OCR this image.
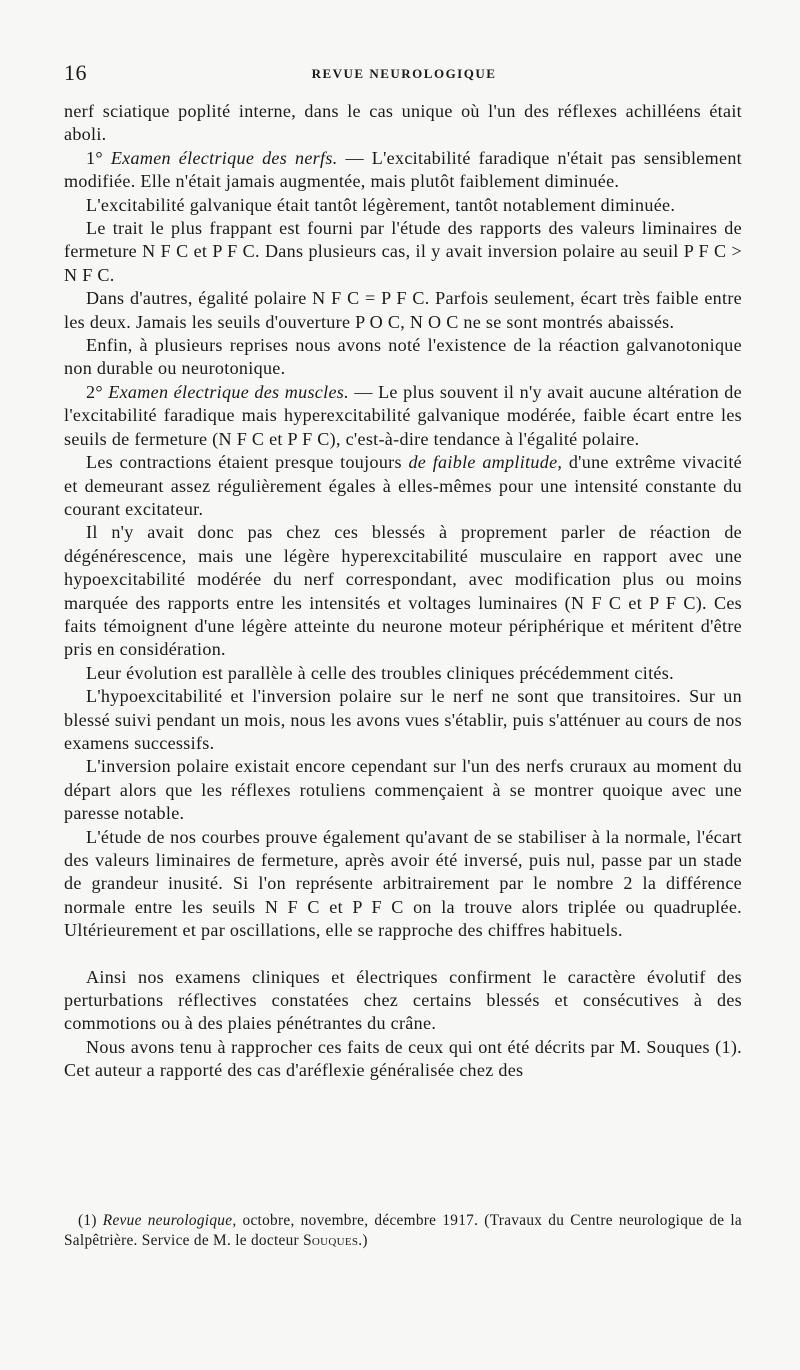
16	REVUE NEUROLOGIQUE

nerf sciatique poplité interne, dans le cas unique où l'un des réflexes achilléens était aboli.

1° Examen électrique des nerfs. — L'excitabilité faradique n'était pas sensiblement modifiée. Elle n'était jamais augmentée, mais plutôt faiblement diminuée.

L'excitabilité galvanique était tantôt légèrement, tantôt notablement diminuée.

Le trait le plus frappant est fourni par l'étude des rapports des valeurs liminaires de fermeture N F C et P F C. Dans plusieurs cas, il y avait inversion polaire au seuil P F C > N F C.

Dans d'autres, égalité polaire N F C = P F C. Parfois seulement, écart très faible entre les deux. Jamais les seuils d'ouverture P O C, N O C ne se sont montrés abaissés.

Enfin, à plusieurs reprises nous avons noté l'existence de la réaction galvanotonique non durable ou neurotonique.

2° Examen électrique des muscles. — Le plus souvent il n'y avait aucune altération de l'excitabilité faradique mais hyperexcitabilité galvanique modérée, faible écart entre les seuils de fermeture (N F C et P F C), c'est-à-dire tendance à l'égalité polaire.

Les contractions étaient presque toujours de faible amplitude, d'une extrême vivacité et demeurant assez régulièrement égales à elles-mêmes pour une intensité constante du courant excitateur.

Il n'y avait donc pas chez ces blessés à proprement parler de réaction de dégénérescence, mais une légère hyperexcitabilité musculaire en rapport avec une hypoexcitabilité modérée du nerf correspondant, avec modification plus ou moins marquée des rapports entre les intensités et voltages luminaires (N F C et P F C). Ces faits témoignent d'une légère atteinte du neurone moteur périphérique et méritent d'être pris en considération.

Leur évolution est parallèle à celle des troubles cliniques précédemment cités.

L'hypoexcitabilité et l'inversion polaire sur le nerf ne sont que transitoires. Sur un blessé suivi pendant un mois, nous les avons vues s'établir, puis s'atténuer au cours de nos examens successifs.

L'inversion polaire existait encore cependant sur l'un des nerfs cruraux au moment du départ alors que les réflexes rotuliens commençaient à se montrer quoique avec une paresse notable.

L'étude de nos courbes prouve également qu'avant de se stabiliser à la normale, l'écart des valeurs liminaires de fermeture, après avoir été inversé, puis nul, passe par un stade de grandeur inusité. Si l'on représente arbitrairement par le nombre 2 la différence normale entre les seuils N F C et P F C on la trouve alors triplée ou quadruplée. Ultérieurement et par oscillations, elle se rapproche des chiffres habituels.

Ainsi nos examens cliniques et électriques confirment le caractère évolutif des perturbations réflectives constatées chez certains blessés et consécutives à des commotions ou à des plaies pénétrantes du crâne.

Nous avons tenu à rapprocher ces faits de ceux qui ont été décrits par M. Souques (1). Cet auteur a rapporté des cas d'aréflexie généralisée chez des

(1) Revue neurologique, octobre, novembre, décembre 1917. (Travaux du Centre neurologique de la Salpêtrière. Service de M. le docteur Souques.)
